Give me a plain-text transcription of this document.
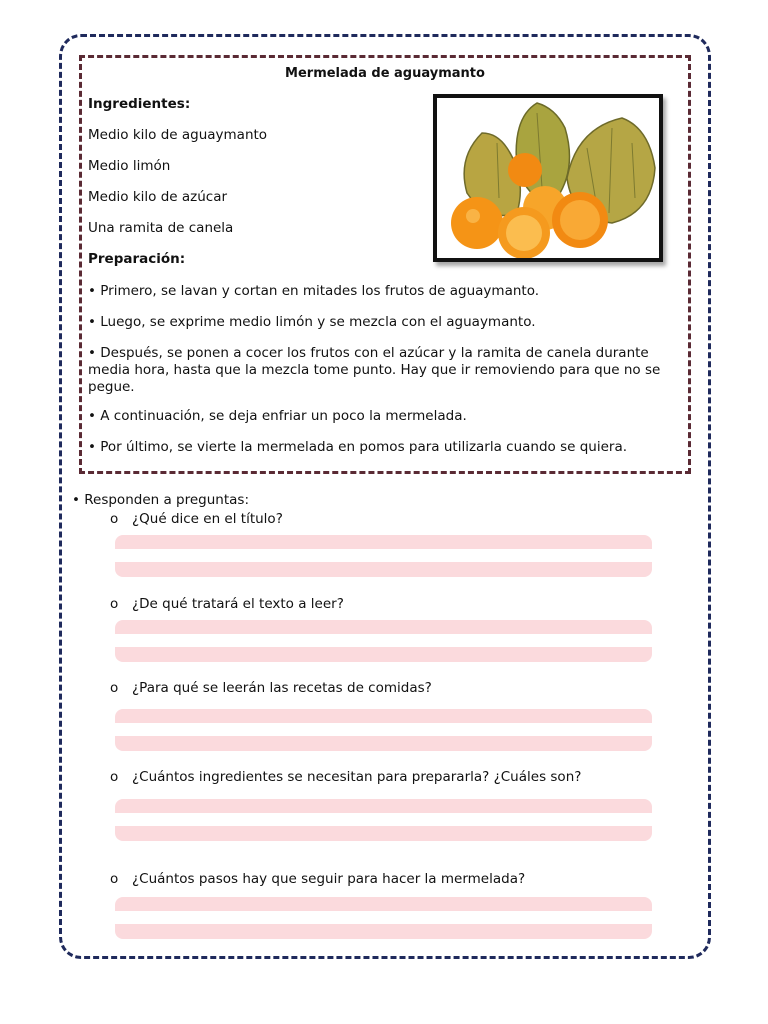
Mermelada de aguaymanto
Ingredientes:
Medio kilo de aguaymanto
Medio limón
Medio kilo de azúcar
Una ramita de canela
Preparación:
• Primero, se lavan y cortan en mitades los frutos de aguaymanto.
• Luego, se exprime medio limón y se mezcla con el aguaymanto.
• Después, se ponen a cocer los frutos con el azúcar y la ramita de canela durante media hora, hasta que la mezcla tome punto. Hay que ir removiendo para que no se pegue.
• A continuación, se deja enfriar un poco la mermelada.
• Por último, se vierte la mermelada en pomos para utilizarla cuando se quiera.
• Responden a preguntas:
o ¿Qué dice en el título?
o ¿De qué tratará el texto a leer?
o ¿Para qué se leerán las recetas de comidas?
o ¿Cuántos ingredientes se necesitan para prepararla? ¿Cuáles son?
o ¿Cuántos pasos hay que seguir para hacer la mermelada?
